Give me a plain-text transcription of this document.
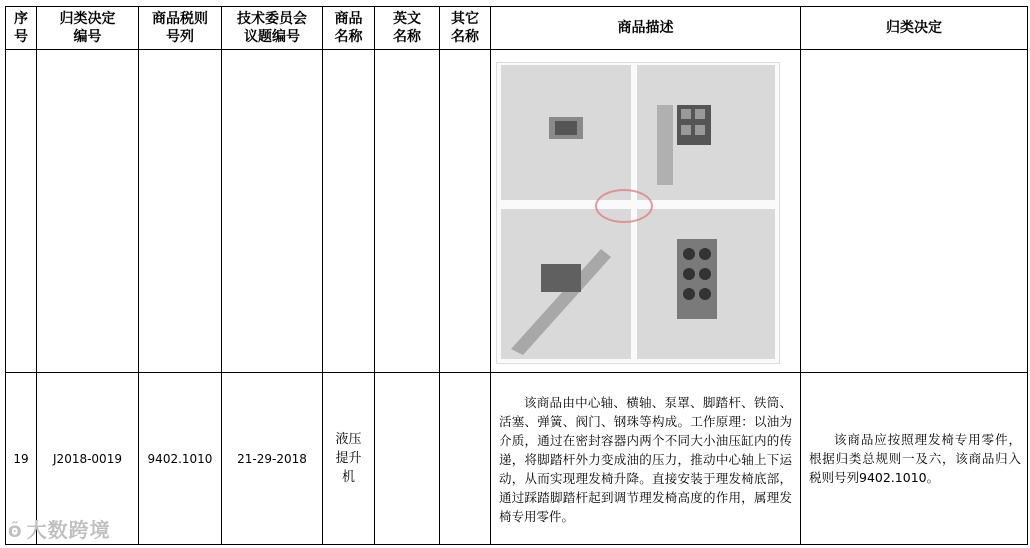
序号	归类决定编号	商品税则号列	技术委员会议题编号	商品名称	英文名称	其它名称	商品描述	归类决定

19	J2018-0019	9402.1010	21-29-2018	液压提升机			该商品由中心轴、横轴、泵罩、脚踏杆、铁筒、活塞、弹簧、阀门、钢珠等构成。工作原理：以油为介质，通过在密封容器内两个不同大小油压缸内的传递，将脚踏杆外力变成油的压力，推动中心轴上下运动，从而实现理发椅升降。直接安装于理发椅底部，通过踩踏脚踏杆起到调节理发椅高度的作用，属理发椅专用零件。	该商品应按照理发椅专用零件，根据归类总规则一及六，该商品归入税则号列9402.1010。
ʘ̃ 大数跨境
